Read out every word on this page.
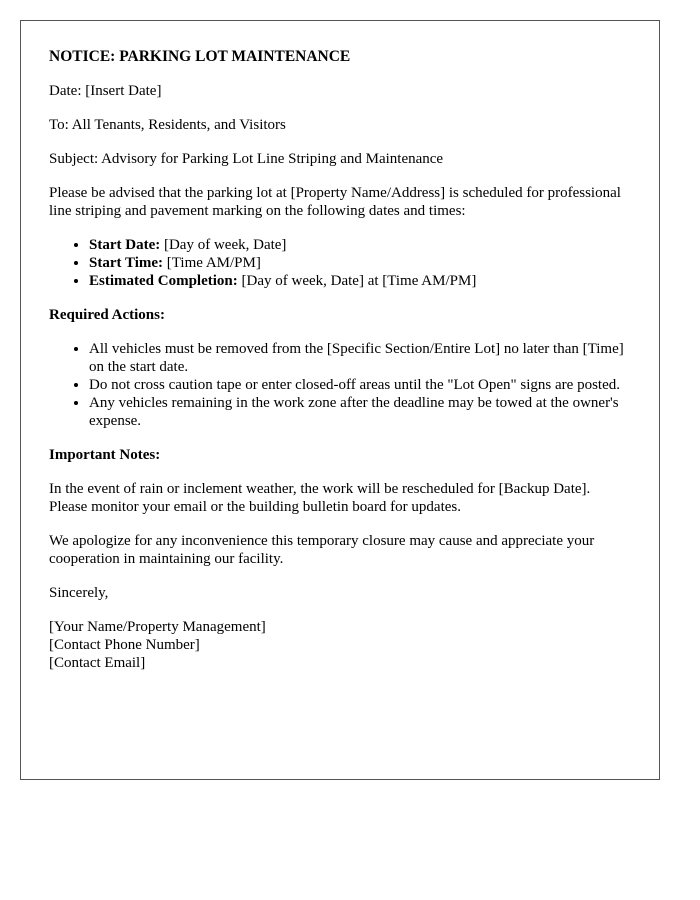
NOTICE: PARKING LOT MAINTENANCE

Date: [Insert Date]

To: All Tenants, Residents, and Visitors

Subject: Advisory for Parking Lot Line Striping and Maintenance

Please be advised that the parking lot at [Property Name/Address] is scheduled for professional line striping and pavement marking on the following dates and times:

• Start Date: [Day of week, Date]
• Start Time: [Time AM/PM]
• Estimated Completion: [Day of week, Date] at [Time AM/PM]
Required Actions:
• All vehicles must be removed from the [Specific Section/Entire Lot] no later than [Time] on the start date.
• Do not cross caution tape or enter closed-off areas until the "Lot Open" signs are posted.
• Any vehicles remaining in the work zone after the deadline may be towed at the owner's expense.
Important Notes:

In the event of rain or inclement weather, the work will be rescheduled for [Backup Date]. Please monitor your email or the building bulletin board for updates.

We apologize for any inconvenience this temporary closure may cause and appreciate your cooperation in maintaining our facility.

Sincerely,

[Your Name/Property Management]
[Contact Phone Number]
[Contact Email]
